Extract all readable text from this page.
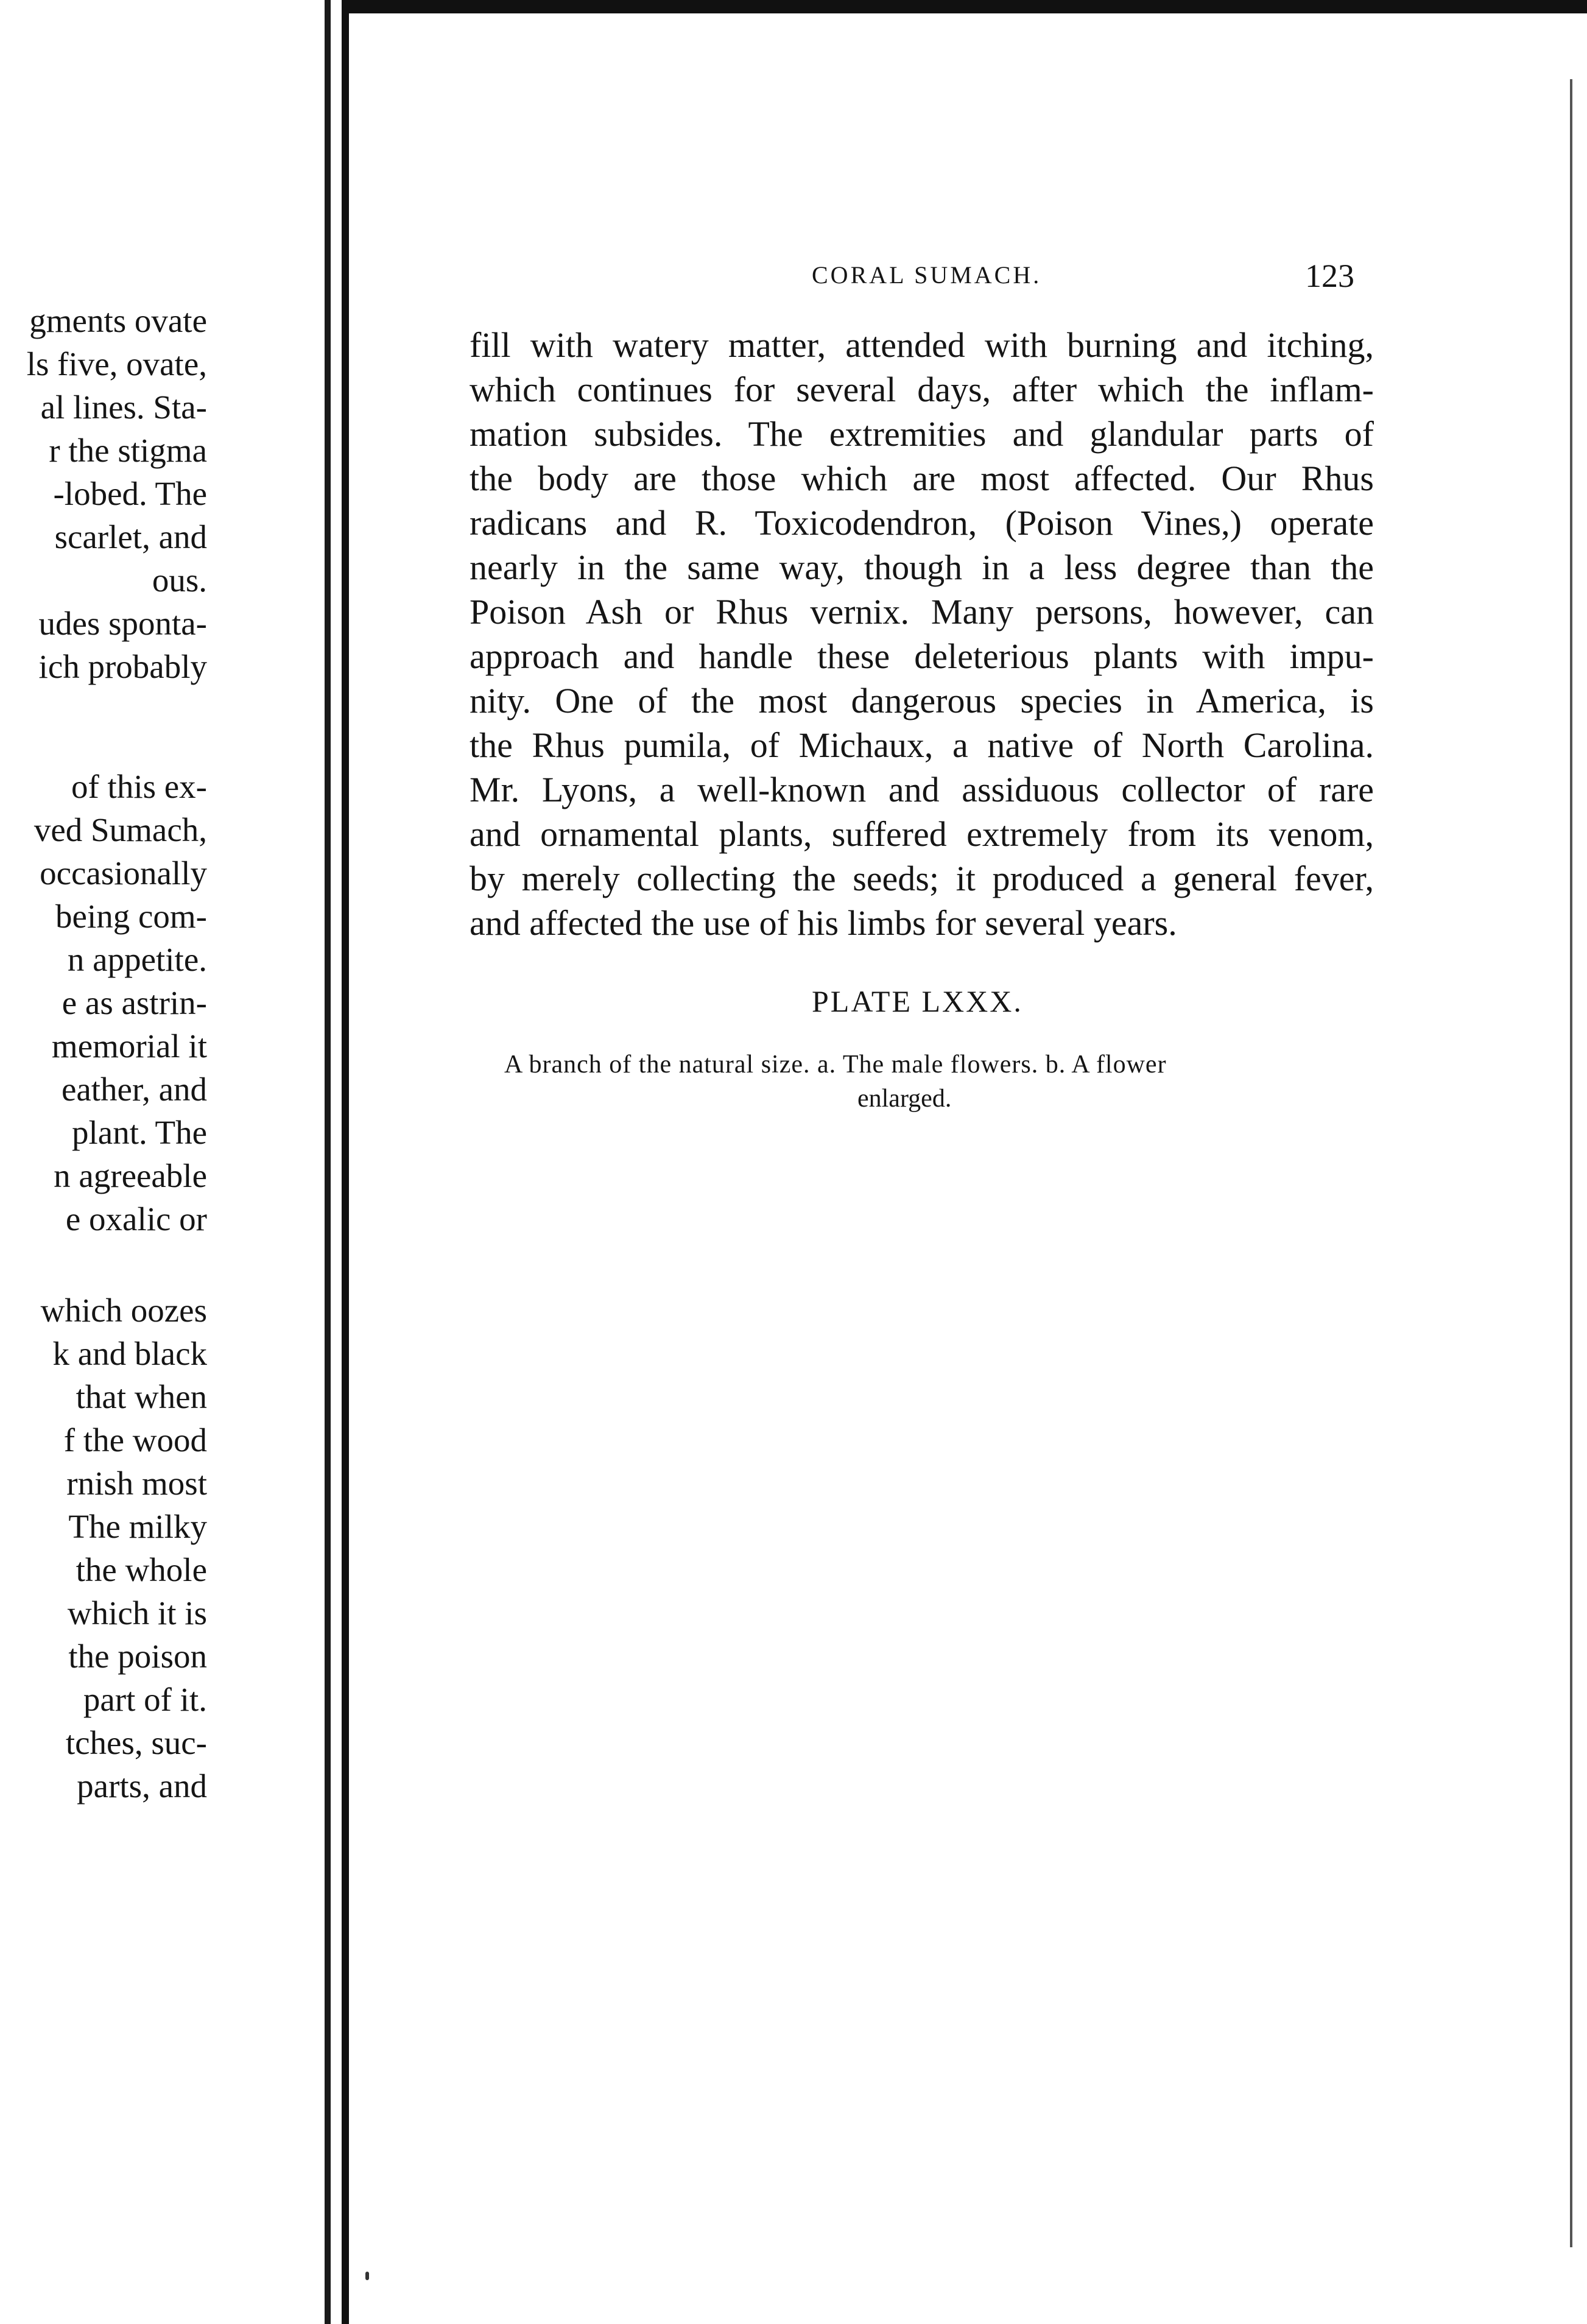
gments ovate
ls five, ovate,
al lines. Sta-
r the stigma
-lobed. The
scarlet, and
ous.
udes sponta-
ich probably
of this ex-
ved Sumach,
occasionally
being com-
n appetite.
e as astrin-
memorial it
eather, and
plant. The
n agreeable
e oxalic or
which oozes
k and black
that when
f the wood
rnish most
The milky
the whole
which it is
the poison
part of it.
tches, suc-
parts, and
CORAL SUMACH.	123
fill with watery matter, attended with burning and itching,
which continues for several days, after which the inflam-
mation subsides. The extremities and glandular parts of
the body are those which are most affected. Our Rhus
radicans and R. Toxicodendron, (Poison Vines,) operate
nearly in the same way, though in a less degree than the
Poison Ash or Rhus vernix. Many persons, however, can
approach and handle these deleterious plants with impu-
nity. One of the most dangerous species in America, is
the Rhus pumila, of Michaux, a native of North Carolina.
Mr. Lyons, a well-known and assiduous collector of rare
and ornamental plants, suffered extremely from its venom,
by merely collecting the seeds; it produced a general fever,
and affected the use of his limbs for several years.
PLATE LXXX.
A branch of the natural size. a. The male flowers. b. A flower
enlarged.
